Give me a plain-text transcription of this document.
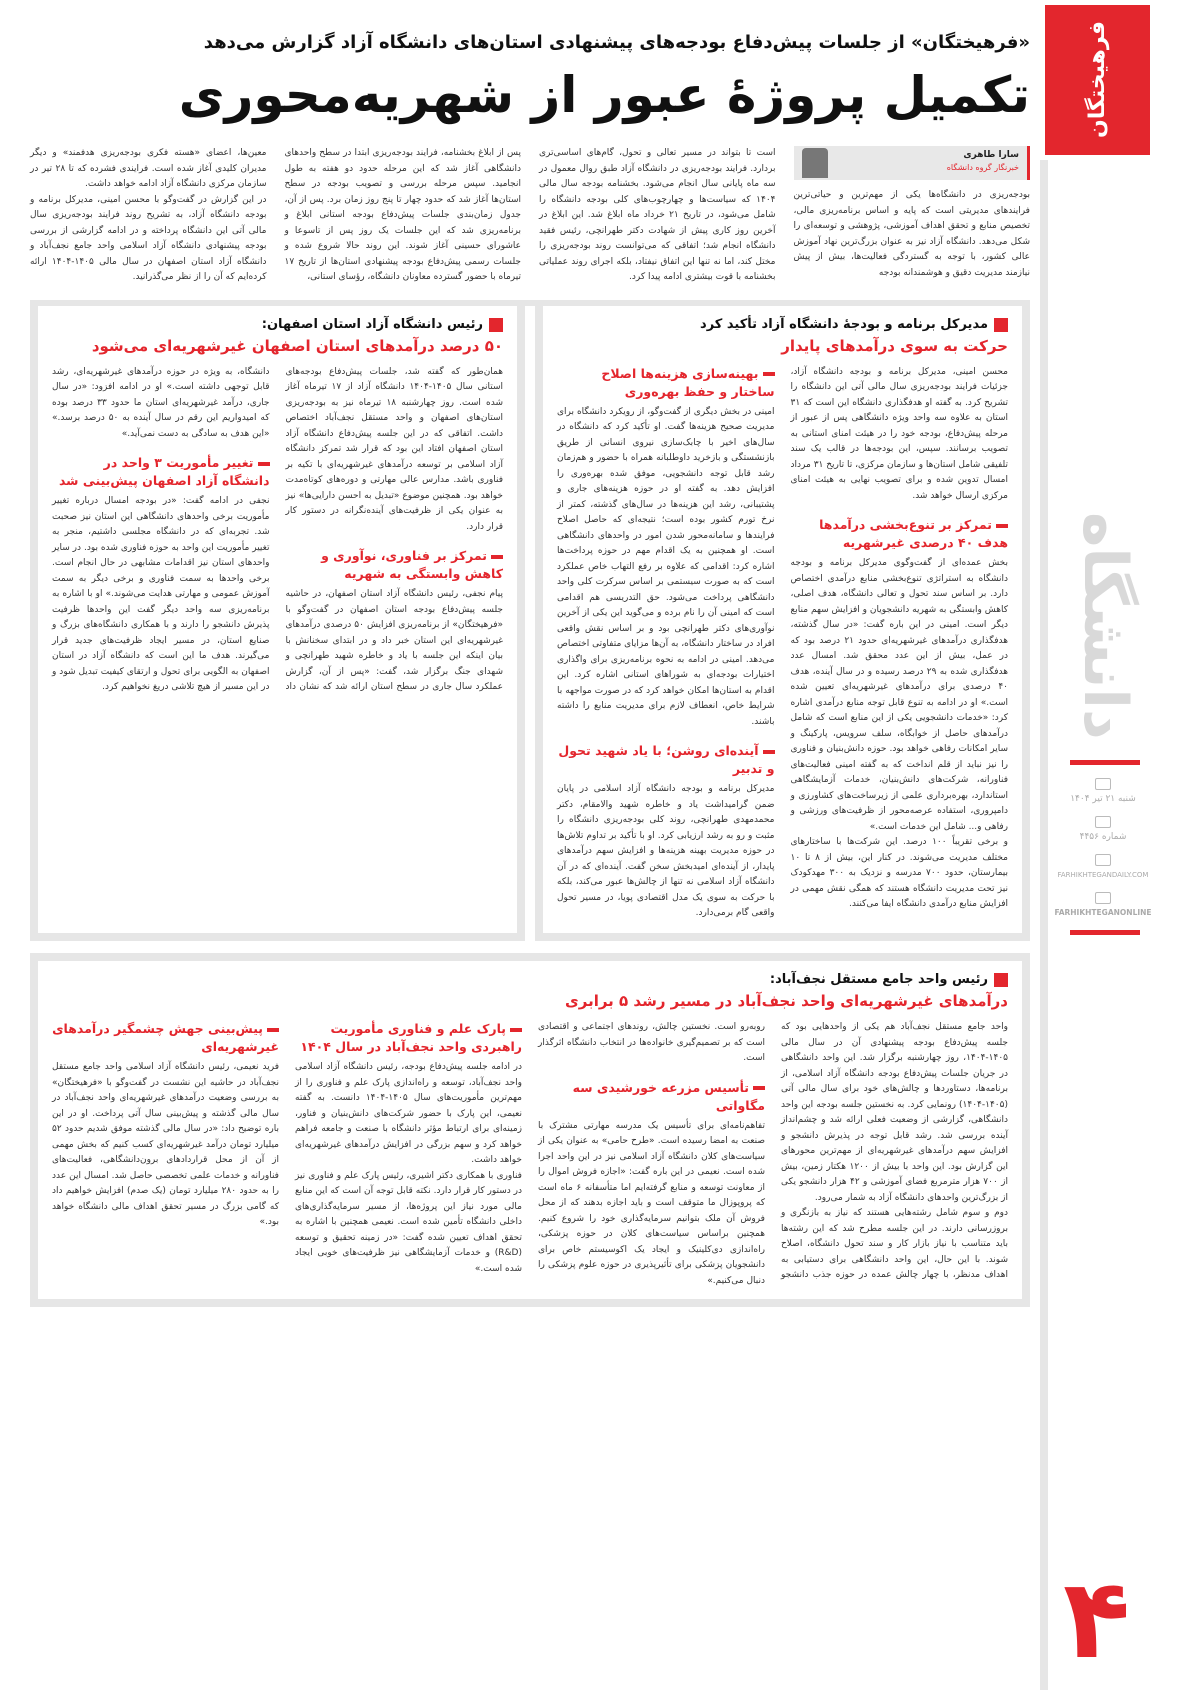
فرهیختگان
دانشگاه
شنبه ۲۱ تیر ۱۴۰۴
شماره ۴۴۵۶
FARHIKHTEGANDAILY.COM
FARHIKHTEGANONLINE
۴
«فرهیختگان» از جلسات پیش‌دفاع بودجه‌های پیشنهادی استان‌های دانشگاه آزاد گزارش می‌دهد
تکمیل پروژۀ عبور از شهریه‌محوری
سارا طاهری
خبرنگار گروه دانشگاه

بودجه‌ریزی در دانشگاه‌ها یکی از مهم‌ترین و حیاتی‌ترین فرایندهای مدیریتی است که پایه و اساس برنامه‌ریزی مالی، تخصیص منابع و تحقق اهداف آموزشی، پژوهشی و توسعه‌ای را شکل می‌دهد. دانشگاه آزاد نیز به عنوان بزرگ‌ترین نهاد آموزش عالی کشور، با توجه به گستردگی فعالیت‌ها، بیش از پیش نیازمند مدیریت دقیق و هوشمندانه بودجه

است تا بتواند در مسیر تعالی و تحول، گام‌های اساسی‌تری بردارد. فرایند بودجه‌ریزی در دانشگاه آزاد طبق روال معمول در سه ماه پایانی سال انجام می‌شود. بخشنامه بودجه سال مالی ۱۴۰۴ که سیاست‌ها و چهارچوب‌های کلی بودجه دانشگاه را شامل می‌شود، در تاریخ ۲۱ خرداد ماه ابلاغ شد. این ابلاغ در آخرین روز کاری پیش از شهادت دکتر طهرانچی، رئیس فقید دانشگاه انجام شد؛ اتفاقی که می‌توانست روند بودجه‌ریزی را مختل کند، اما نه تنها این اتفاق نیفتاد، بلکه اجرای روند عملیاتی بخشنامه با قوت بیشتری ادامه پیدا کرد.

پس از ابلاغ بخشنامه، فرایند بودجه‌ریزی ابتدا در سطح واحدهای دانشگاهی آغاز شد که این مرحله حدود دو هفته به طول انجامید. سپس مرحله بررسی و تصویب بودجه در سطح استان‌ها آغاز شد که حدود چهار تا پنج روز زمان برد. پس از آن، جدول زمان‌بندی جلسات پیش‌دفاع بودجه استانی ابلاغ و برنامه‌ریزی شد که این جلسات یک روز پس از تاسوعا و عاشورای حسینی آغاز شوند. این روند حالا شروع شده و جلسات رسمی پیش‌دفاع بودجه پیشنهادی استان‌ها از تاریخ ۱۷ تیرماه با حضور گسترده معاونان دانشگاه، رؤسای استانی،

معین‌ها، اعضای «هسته فکری بودجه‌ریزی هدفمند» و دیگر مدیران کلیدی آغاز شده است. فرایندی فشرده که تا ۲۸ تیر در سازمان مرکزی دانشگاه آزاد ادامه خواهد داشت.

در این گزارش در گفت‌وگو با محسن امینی، مدیرکل برنامه و بودجه دانشگاه آزاد، به تشریح روند فرایند بودجه‌ریزی سال مالی آتی این دانشگاه پرداخته و در ادامه گزارشی از بررسی بودجه پیشنهادی دانشگاه آزاد اسلامی واحد جامع نجف‌آباد و دانشگاه آزاد استان اصفهان در سال مالی ۱۴۰۵-۱۴۰۴ ارائه کرده‌ایم که آن را از نظر می‌گذرانید.

مدیرکل برنامه و بودجۀ دانشگاه آزاد تأکید کرد
حرکت به سوی درآمدهای پایدار

محسن امینی، مدیرکل برنامه و بودجه دانشگاه آزاد، جزئیات فرایند بودجه‌ریزی سال مالی آتی این دانشگاه را تشریح کرد. به گفته او هدفگذاری دانشگاه این است که ۳۱ استان به علاوه سه واحد ویژه دانشگاهی پس از عبور از مرحله پیش‌دفاع، بودجه خود را در هیئت امنای استانی به تصویب برسانند. سپس، این بودجه‌ها در قالب یک سند تلفیقی شامل استان‌ها و سازمان مرکزی، تا تاریخ ۳۱ مرداد امسال تدوین شده و برای تصویب نهایی به هیئت امنای مرکزی ارسال خواهد شد.

تمرکز بر تنوع‌بخشی درآمدها هدف ۴۰ درصدی غیرشهریه

بخش عمده‌ای از گفت‌وگوی مدیرکل برنامه و بودجه دانشگاه به استراتژی تنوع‌بخشی منابع درآمدی اختصاص دارد. بر اساس سند تحول و تعالی دانشگاه، هدف اصلی، کاهش وابستگی به شهریه دانشجویان و افزایش سهم منابع دیگر است. امینی در این باره گفت: «در سال گذشته، هدفگذاری درآمدهای غیرشهریه‌ای حدود ۲۱ درصد بود که در عمل، بیش از این عدد محقق شد. امسال عدد هدفگذاری شده به ۲۹ درصد رسیده و در سال آینده، هدف ۴۰ درصدی برای درآمدهای غیرشهریه‌ای تعیین شده است.» او در ادامه به تنوع قابل توجه منابع درآمدی اشاره کرد: «خدمات دانشجویی یکی از این منابع است که شامل درآمدهای حاصل از خوابگاه، سلف سرویس، پارکینگ و سایر امکانات رفاهی خواهد بود. حوزه دانش‌بنیان و فناوری را نیز نباید از قلم انداخت که به گفته امینی فعالیت‌های فناورانه، شرکت‌های دانش‌بنیان، خدمات آزمایشگاهی استاندارد، بهره‌برداری علمی از زیرساخت‌های کشاورزی و دامپروری، استفاده عرصه‌محور از ظرفیت‌های ورزشی و رفاهی و... شامل این خدمات است.»

و برخی تقریباً ۱۰۰ درصد. این شرکت‌ها با ساختارهای مختلف مدیریت می‌شوند. در کنار این، بیش از ۸ تا ۱۰ بیمارستان، حدود ۷۰۰ مدرسه و نزدیک به ۳۰۰ مهدکودک نیز تحت مدیریت دانشگاه هستند که همگی نقش مهمی در افزایش منابع درآمدی دانشگاه ایفا می‌کنند.

بهینه‌سازی هزینه‌ها اصلاح ساختار و حفظ بهره‌وری

امینی در بخش دیگری از گفت‌وگو، از رویکرد دانشگاه برای مدیریت صحیح هزینه‌ها گفت. او تأکید کرد که دانشگاه در سال‌های اخیر با چابک‌سازی نیروی انسانی از طریق بازنشستگی و بازخرید داوطلبانه همراه با حضور و هم‌زمان رشد قابل توجه دانشجویی، موفق شده بهره‌وری را افزایش دهد. به گفته او در حوزه هزینه‌های جاری و پشتیبانی، رشد این هزینه‌ها در سال‌های گذشته، کمتر از نرخ تورم کشور بوده است؛ نتیجه‌ای که حاصل اصلاح فرایندها و سامانه‌محور شدن امور در واحدهای دانشگاهی است. او همچنین به یک اقدام مهم در حوزه پرداخت‌ها اشاره کرد: اقدامی که علاوه بر رفع التهاب خاص عملکرد است که به صورت سیستمی بر اساس سرکرت کلی واحد دانشگاهی پرداخت می‌شود. حق التدریسی هم اقدامی است که امینی آن را نام برده و می‌گوید این یکی از آخرین نوآوری‌های دکتر طهرانچی بود و بر اساس نقش واقعی افراد در ساختار دانشگاه، به آن‌ها مزایای متفاوتی اختصاص می‌دهد. امینی در ادامه به نحوه برنامه‌ریزی برای واگذاری اختیارات بودجه‌ای به شوراهای استانی اشاره کرد. این اقدام به استان‌ها امکان خواهد کرد که در صورت مواجهه با شرایط خاص، انعطاف لازم برای مدیریت منابع را داشته باشند.

آینده‌ای روشن؛ با یاد شهید تحول و تدبیر

مدیرکل برنامه و بودجه دانشگاه آزاد اسلامی در پایان ضمن گرامیداشت یاد و خاطره شهید والامقام، دکتر محمدمهدی طهرانچی، روند کلی بودجه‌ریزی دانشگاه را مثبت و رو به رشد ارزیابی کرد. او با تأکید بر تداوم تلاش‌ها در حوزه مدیریت بهینه هزینه‌ها و افزایش سهم درآمدهای پایدار، از آینده‌ای امیدبخش سخن گفت. آینده‌ای که در آن دانشگاه آزاد اسلامی نه تنها از چالش‌ها عبور می‌کند، بلکه با حرکت به سوی یک مدل اقتصادی پویا، در مسیر تحول واقعی گام برمی‌دارد.

رئیس دانشگاه آزاد استان اصفهان:
۵۰ درصد درآمدهای استان اصفهان غیرشهریه‌ای می‌شود

همان‌طور که گفته شد، جلسات پیش‌دفاع بودجه‌های استانی سال ۱۴۰۵-۱۴۰۴ دانشگاه آزاد از ۱۷ تیرماه آغاز شده است. روز چهارشنبه ۱۸ تیرماه نیز به بودجه‌ریزی استان‌های اصفهان و واحد مستقل نجف‌آباد اختصاص داشت. اتفاقی که در این جلسه پیش‌دفاع دانشگاه آزاد استان اصفهان افتاد این بود که قرار شد تمرکز دانشگاه آزاد اسلامی بر توسعه درآمدهای غیرشهریه‌ای با تکیه بر فناوری باشد. مدارس عالی مهارتی و دوره‌های کوتاه‌مدت خواهد بود. همچنین موضوع «تبدیل به احسن دارایی‌ها» نیز به عنوان یکی از ظرفیت‌های آینده‌نگرانه در دستور کار قرار دارد.

تمرکز بر فناوری، نوآوری و کاهش وابستگی به شهریه

پیام نجفی، رئیس دانشگاه آزاد استان اصفهان، در حاشیه جلسه پیش‌دفاع بودجه استان اصفهان در گفت‌وگو با «فرهیختگان» از برنامه‌ریزی افزایش ۵۰ درصدی درآمدهای غیرشهریه‌ای این استان خبر داد و در ابتدای سخنانش با بیان اینکه این جلسه با یاد و خاطره شهید طهرانچی و شهدای جنگ برگزار شد، گفت: «پس از آن، گزارش عملکرد سال جاری در سطح استان ارائه شد که نشان داد دانشگاه، به ویژه در حوزه درآمدهای غیرشهریه‌ای، رشد قابل توجهی داشته است.» او در ادامه افزود: «در سال جاری، درآمد غیرشهریه‌ای استان ما حدود ۳۳ درصد بوده که امیدواریم این رقم در سال آینده به ۵۰ درصد برسد.» «این هدف به سادگی به دست نمی‌آید.»

تغییر مأموریت ۳ واحد در دانشگاه آزاد اصفهان پیش‌بینی شد

نجفی در ادامه گفت: «در بودجه امسال درباره تغییر مأموریت برخی واحدهای دانشگاهی این استان نیز صحبت شد. تجربه‌ای که در دانشگاه مجلسی داشتیم، منجر به تغییر مأموریت این واحد به حوزه فناوری شده بود. در سایر واحدهای استان نیز اقدامات مشابهی در حال انجام است. برخی واحدها به سمت فناوری و برخی دیگر به سمت آموزش عمومی و مهارتی هدایت می‌شوند.» او با اشاره به برنامه‌ریزی سه واحد دیگر گفت این واحدها ظرفیت پذیرش دانشجو را دارند و با همکاری دانشگاه‌های بزرگ و صنایع استان، در مسیر ایجاد ظرفیت‌های جدید قرار می‌گیرند. هدف ما این است که دانشگاه آزاد در استان اصفهان به الگویی برای تحول و ارتقای کیفیت تبدیل شود و در این مسیر از هیچ تلاشی دریغ نخواهیم کرد.

رئیس واحد جامع مستقل نجف‌آباد:
درآمدهای غیرشهریه‌ای واحد نجف‌آباد در مسیر رشد ۵ برابری

واحد جامع مستقل نجف‌آباد هم یکی از واحدهایی بود که جلسه پیش‌دفاع بودجه پیشنهادی آن در سال مالی ۱۴۰۵-۱۴۰۴، روز چهارشنبه برگزار شد. این واحد دانشگاهی در جریان جلسات پیش‌دفاع بودجه دانشگاه آزاد اسلامی، از برنامه‌ها، دستاوردها و چالش‌های خود برای سال مالی آتی (۱۴۰۵-۱۴۰۴) رونمایی کرد. به نخستین جلسه بودجه این واحد دانشگاهی، گزارشی از وضعیت فعلی ارائه شد و چشم‌انداز آینده بررسی شد. رشد قابل توجه در پذیرش دانشجو و افزایش سهم درآمدهای غیرشهریه‌ای از مهم‌ترین محورهای این گزارش بود. این واحد با بیش از ۱۲۰۰ هکتار زمین، بیش از ۷۰۰ هزار مترمربع فضای آموزشی و ۴۲ هزار دانشجو یکی از بزرگ‌ترین واحدهای دانشگاه آزاد به شمار می‌رود.

دوم و سوم شامل رشته‌هایی هستند که نیاز به بازنگری و بروزرسانی دارند. در این جلسه مطرح شد که این رشته‌ها باید متناسب با نیاز بازار کار و سند تحول دانشگاه، اصلاح شوند. با این حال، این واحد دانشگاهی برای دستیابی به اهداف مدنظر، با چهار چالش عمده در حوزه جذب دانشجو روبه‌رو است. نخستین چالش، روندهای اجتماعی و اقتصادی است که بر تصمیم‌گیری خانواده‌ها در انتخاب دانشگاه اثرگذار است.

تأسیس مزرعه خورشیدی سه مگاواتی

تفاهم‌نامه‌ای برای تأسیس یک مدرسه مهارتی مشترک با صنعت به امضا رسیده است. «طرح حامی» به عنوان یکی از سیاست‌های کلان دانشگاه آزاد اسلامی نیز در این واحد اجرا شده است. نعیمی در این باره گفت: «اجازه فروش اموال را از معاونت توسعه و منابع گرفته‌ایم اما متأسفانه ۶ ماه است که پروپوزال ما متوقف است و باید اجازه بدهند که از محل فروش آن ملک بتوانیم سرمایه‌گذاری خود را شروع کنیم. همچنین براساس سیاست‌های کلان در حوزه پزشکی، راه‌اندازی دی‌کلینیک و ایجاد یک اکوسیستم خاص برای دانشجویان پزشکی برای تأثیرپذیری در حوزه علوم پزشکی را دنبال می‌کنیم.»

پارک علم و فناوری مأموریت راهبردی واحد نجف‌آباد در سال ۱۴۰۴

در ادامه جلسه پیش‌دفاع بودجه، رئیس دانشگاه آزاد اسلامی واحد نجف‌آباد، توسعه و راه‌اندازی پارک علم و فناوری را از مهم‌ترین مأموریت‌های سال ۱۴۰۵-۱۴۰۴ دانست. به گفته نعیمی، این پارک با حضور شرکت‌های دانش‌بنیان و فناور، زمینه‌ای برای ارتباط مؤثر دانشگاه با صنعت و جامعه فراهم خواهد کرد و سهم بزرگی در افزایش درآمدهای غیرشهریه‌ای خواهد داشت.

فناوری با همکاری دکتر اشیری، رئیس پارک علم و فناوری نیز در دستور کار قرار دارد. نکته قابل توجه آن است که این منابع مالی مورد نیاز این پروژه‌ها، از مسیر سرمایه‌گذاری‌های داخلی دانشگاه تأمین شده است. نعیمی همچنین با اشاره به تحقق اهداف تعیین شده گفت: «در زمینه تحقیق و توسعه (R&D) و خدمات آزمایشگاهی نیز ظرفیت‌های خوبی ایجاد شده است.»

پیش‌بینی جهش چشمگیر درآمدهای غیرشهریه‌ای

فرید نعیمی، رئیس دانشگاه آزاد اسلامی واحد جامع مستقل نجف‌آباد در حاشیه این نشست در گفت‌وگو با «فرهیختگان» به بررسی وضعیت درآمدهای غیرشهریه‌ای واحد نجف‌آباد در سال مالی گذشته و پیش‌بینی سال آتی پرداخت. او در این باره توضیح داد: «در سال مالی گذشته موفق شدیم حدود ۵۲ میلیارد تومان درآمد غیرشهریه‌ای کسب کنیم که بخش مهمی از آن از محل قراردادهای برون‌دانشگاهی، فعالیت‌های فناورانه و خدمات علمی تخصصی حاصل شد. امسال این عدد را به حدود ۲۸۰ میلیارد تومان (یک صدم) افزایش خواهیم داد که گامی بزرگ در مسیر تحقق اهداف مالی دانشگاه خواهد بود.»
